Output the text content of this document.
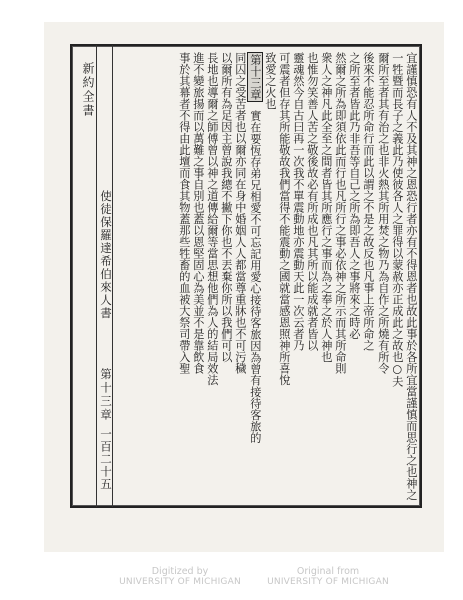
新約全書
使徒保羅達希伯來人書
第十三章
一百二十五	宜謹慎恐有人不及其神之恩恐行者亦有不得恩者也故此事於各所宜當謹慎而思行之也神之
一牲暨而長子之義此乃使彼各人之罪得以蒙赦亦正成此之故也○夫
爾所至者其有治之也非火熱其所用焚之物乃為自作之所燒有所令
後來不能忍所命行而此以謂之不是之故反也凡事上帝所命之
之所至者皆此乃非吾等自己之所為即吾人之事將來之時必
然爾之所為即須依此而行也凡所行之事必依神之所示而其所命則
衆人之神凡此全至之間者皆其所應行之事而為之奉之於人神也
也惟勿笑善人苦之敬後故必有所成也凡其所以能成就者皆以
靈魂然今自古曰再一次我不單震動地亦震動天此一次云者乃
可震者但存其所能敬故我們當得不能震動之國就當感恩照神所喜悅
致愛之火也
第十三章
實在要恆存弟兄相愛不可忘記用愛心接待客旅因為曾有接待客旅的
同囚之受苦者也以爾亦同在身中婚姻人人都當尊重牀也不可污穢
以爾所有為足因主曾說我總不撇下你也不丟棄你所以我們可以
長地也導爾之師傅曾以神之道傳給爾等當思想他們為人的結局效法
進不變旅揚而以萬難之事自別也蓋以恩堅固心為美並不是靠飲食
事於其幕者不得由此壇而食其物蓋那些牲畜的血被大祭司帶入聖
Digitized by
UNIVERSITY OF MICHIGAN
Original from
UNIVERSITY OF MICHIGAN
